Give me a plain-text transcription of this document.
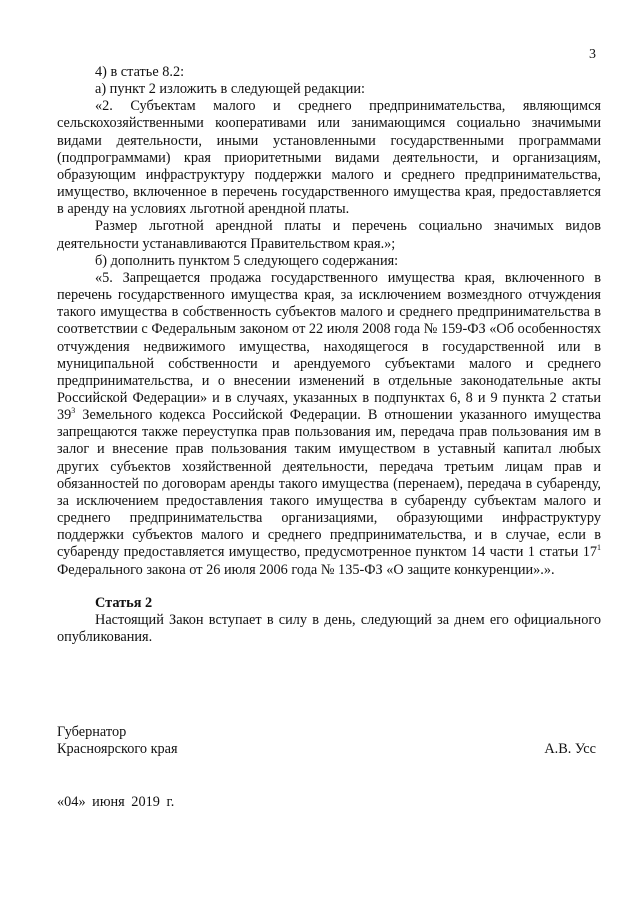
3

4) в статье 8.2:

а) пункт 2 изложить в следующей редакции:

«2. Субъектам малого и среднего предпринимательства, являющимся сельскохозяйственными кооперативами или занимающимся социально значимыми видами деятельности, иными установленными государственными программами (подпрограммами) края приоритетными видами деятельности, и организациям, образующим инфраструктуру поддержки малого и среднего предпринимательства, имущество, включенное в перечень государственного имущества края, предоставляется в аренду на условиях льготной арендной платы.

Размер льготной арендной платы и перечень социально значимых видов деятельности устанавливаются Правительством края.»;

б) дополнить пунктом 5 следующего содержания:

«5. Запрещается продажа государственного имущества края, включенного в перечень государственного имущества края, за исключением возмездного отчуждения такого имущества в собственность субъектов малого и среднего предпринимательства в соответствии с Федеральным законом от 22 июля 2008 года № 159-ФЗ «Об особенностях отчуждения недвижимого имущества, находящегося в государственной или в муниципальной собственности и арендуемого субъектами малого и среднего предпринимательства, и о внесении изменений в отдельные законодательные акты Российской Федерации» и в случаях, указанных в подпунктах 6, 8 и 9 пункта 2 статьи $39^3$ Земельного кодекса Российской Федерации. В отношении указанного имущества запрещаются также переуступка прав пользования им, передача прав пользования им в залог и внесение прав пользования таким имуществом в уставный капитал любых других субъектов хозяйственной деятельности, передача третьим лицам прав и обязанностей по договорам аренды такого имущества (перенаем), передача в субаренду, за исключением предоставления такого имущества в субаренду субъектам малого и среднего предпринимательства организациями, образующими инфраструктуру поддержки субъектов малого и среднего предпринимательства, и в случае, если в субаренду предоставляется имущество, предусмотренное пунктом 14 части 1 статьи $17^1$ Федерального закона от 26 июля 2006 года № 135-ФЗ «О защите конкуренции».».

Статья 2

Настоящий Закон вступает в силу в день, следующий за днем его официального опубликования.

Губернатор
Красноярского края	А.В. Усс
«04» июня 2019 г.
